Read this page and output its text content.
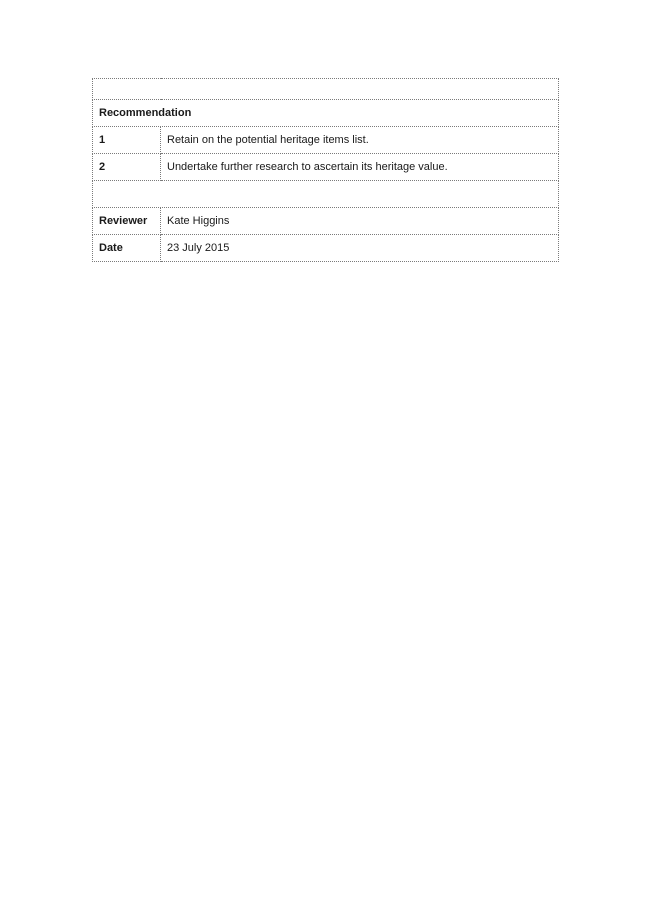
Recommendation	
1	Retain on the potential heritage items list.
2	Undertake further research to ascertain its heritage value.

Reviewer	Kate Higgins
Date	23 July 2015
